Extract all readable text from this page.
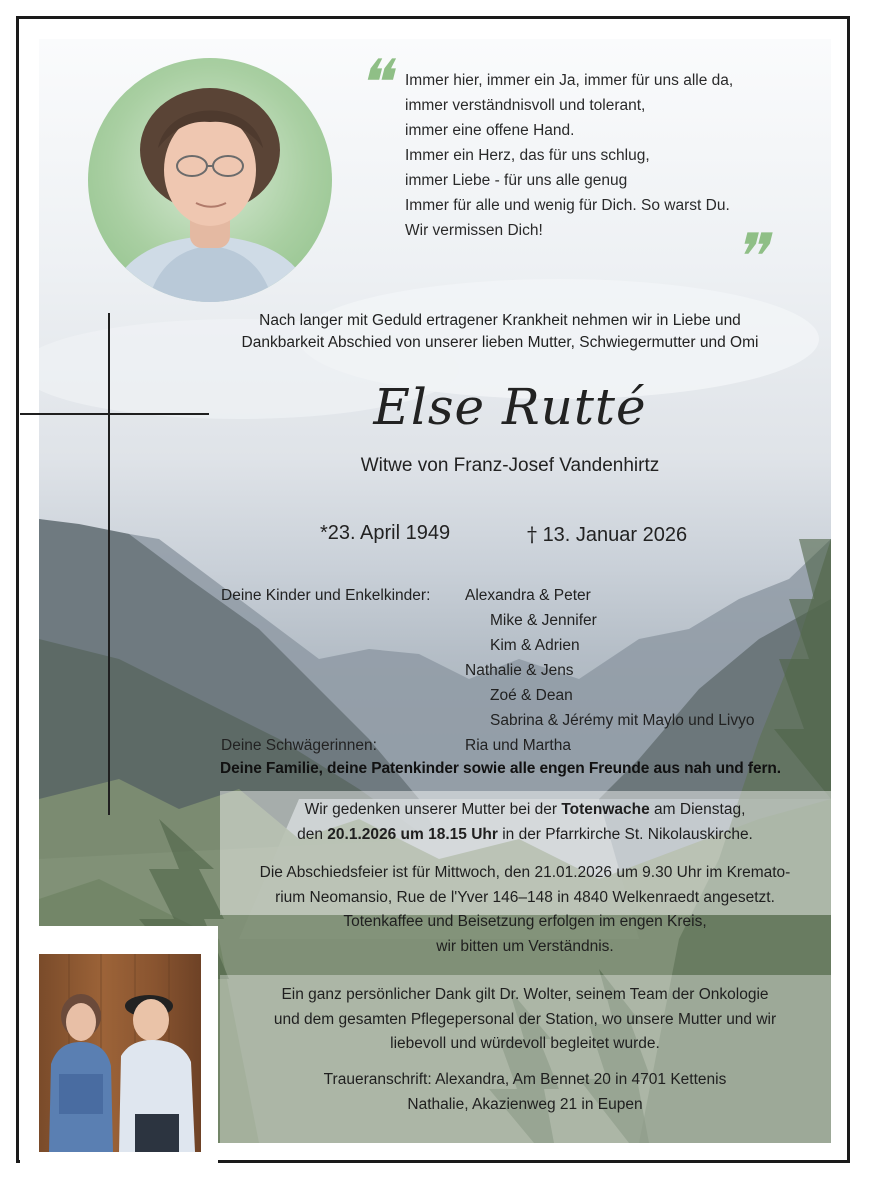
❝
❞
Immer hier, immer ein Ja, immer für uns alle da,
immer verständnisvoll und tolerant,
immer eine offene Hand.
Immer ein Herz, das für uns schlug,
immer Liebe - für uns alle genug
Immer für alle und wenig für Dich. So warst Du.
Wir vermissen Dich!
Nach langer mit Geduld ertragener Krankheit nehmen wir in Liebe und
Dankbarkeit Abschied von unserer lieben Mutter, Schwiegermutter und Omi
Else Rutté
Witwe von Franz-Josef Vandenhirtz
*23. April 1949	† 13. Januar 2026
Deine Kinder und Enkelkinder: Alexandra & Peter
Mike & Jennifer
Kim & Adrien
Nathalie & Jens
Zoé & Dean
Sabrina & Jérémy mit Maylo und Livyo
Deine Schwägerinnen:	Ria und Martha
Deine Familie, deine Patenkinder sowie alle engen Freunde aus nah und fern.
Wir gedenken unserer Mutter bei der Totenwache am Dienstag,
den 20.1.2026 um 18.15 Uhr in der Pfarrkirche St. Nikolauskirche.
Die Abschiedsfeier ist für Mittwoch, den 21.01.2026 um 9.30 Uhr im Kremato-
rium Neomansio, Rue de l'Yver 146–148 in 4840 Welkenraedt angesetzt.
Totenkaffee und Beisetzung erfolgen im engen Kreis,
wir bitten um Verständnis.
Ein ganz persönlicher Dank gilt Dr. Wolter, seinem Team der Onkologie
und dem gesamten Pflegepersonal der Station, wo unsere Mutter und wir
liebevoll und würdevoll begleitet wurde.
Traueranschrift: Alexandra, Am Bennet 20 in 4701 Kettenis
Nathalie, Akazienweg 21 in Eupen
